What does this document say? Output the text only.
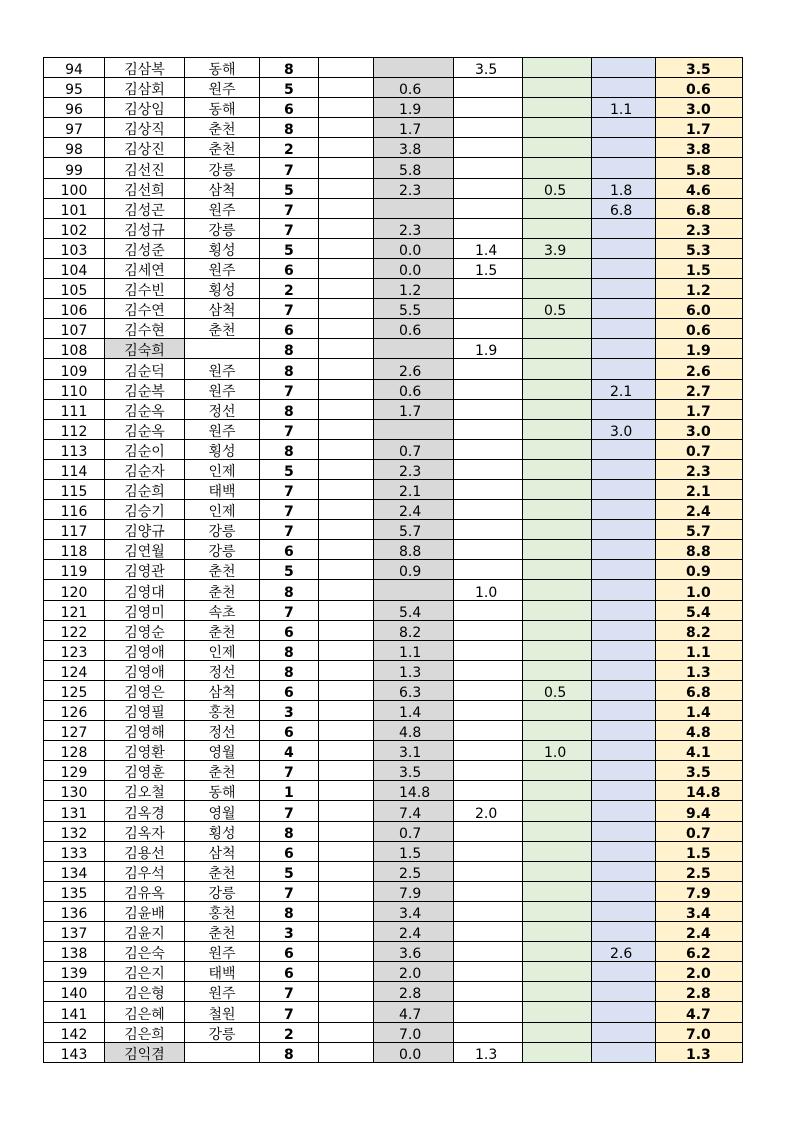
94	김삼복	동해	8			3.5			3.5
95	김삼회	원주	5		0.6				0.6
96	김상임	동해	6		1.9			1.1	3.0
97	김상직	춘천	8		1.7				1.7
98	김상진	춘천	2		3.8				3.8
99	김선진	강릉	7		5.8				5.8
100	김선희	삼척	5		2.3		0.5	1.8	4.6
101	김성곤	원주	7					6.8	6.8
102	김성규	강릉	7		2.3				2.3
103	김성준	횡성	5		0.0	1.4	3.9		5.3
104	김세연	원주	6		0.0	1.5			1.5
105	김수빈	횡성	2		1.2				1.2
106	김수연	삼척	7		5.5		0.5		6.0
107	김수현	춘천	6		0.6				0.6
108	김숙희		8			1.9			1.9
109	김순덕	원주	8		2.6				2.6
110	김순복	원주	7		0.6			2.1	2.7
111	김순옥	정선	8		1.7				1.7
112	김순옥	원주	7					3.0	3.0
113	김순이	횡성	8		0.7				0.7
114	김순자	인제	5		2.3				2.3
115	김순희	태백	7		2.1				2.1
116	김승기	인제	7		2.4				2.4
117	김양규	강릉	7		5.7				5.7
118	김연월	강릉	6		8.8				8.8
119	김영관	춘천	5		0.9				0.9
120	김영대	춘천	8			1.0			1.0
121	김영미	속초	7		5.4				5.4
122	김영순	춘천	6		8.2				8.2
123	김영애	인제	8		1.1				1.1
124	김영애	정선	8		1.3				1.3
125	김영은	삼척	6		6.3		0.5		6.8
126	김영필	홍천	3		1.4				1.4
127	김영해	정선	6		4.8				4.8
128	김영환	영월	4		3.1		1.0		4.1
129	김영훈	춘천	7		3.5				3.5
130	김오철	동해	1		14.8				14.8
131	김옥경	영월	7		7.4	2.0			9.4
132	김옥자	횡성	8		0.7				0.7
133	김용선	삼척	6		1.5				1.5
134	김우석	춘천	5		2.5				2.5
135	김유옥	강릉	7		7.9				7.9
136	김윤배	홍천	8		3.4				3.4
137	김윤지	춘천	3		2.4				2.4
138	김은숙	원주	6		3.6			2.6	6.2
139	김은지	태백	6		2.0				2.0
140	김은형	원주	7		2.8				2.8
141	김은혜	철원	7		4.7				4.7
142	김은희	강릉	2		7.0				7.0
143	김익겸		8		0.0	1.3			1.3
